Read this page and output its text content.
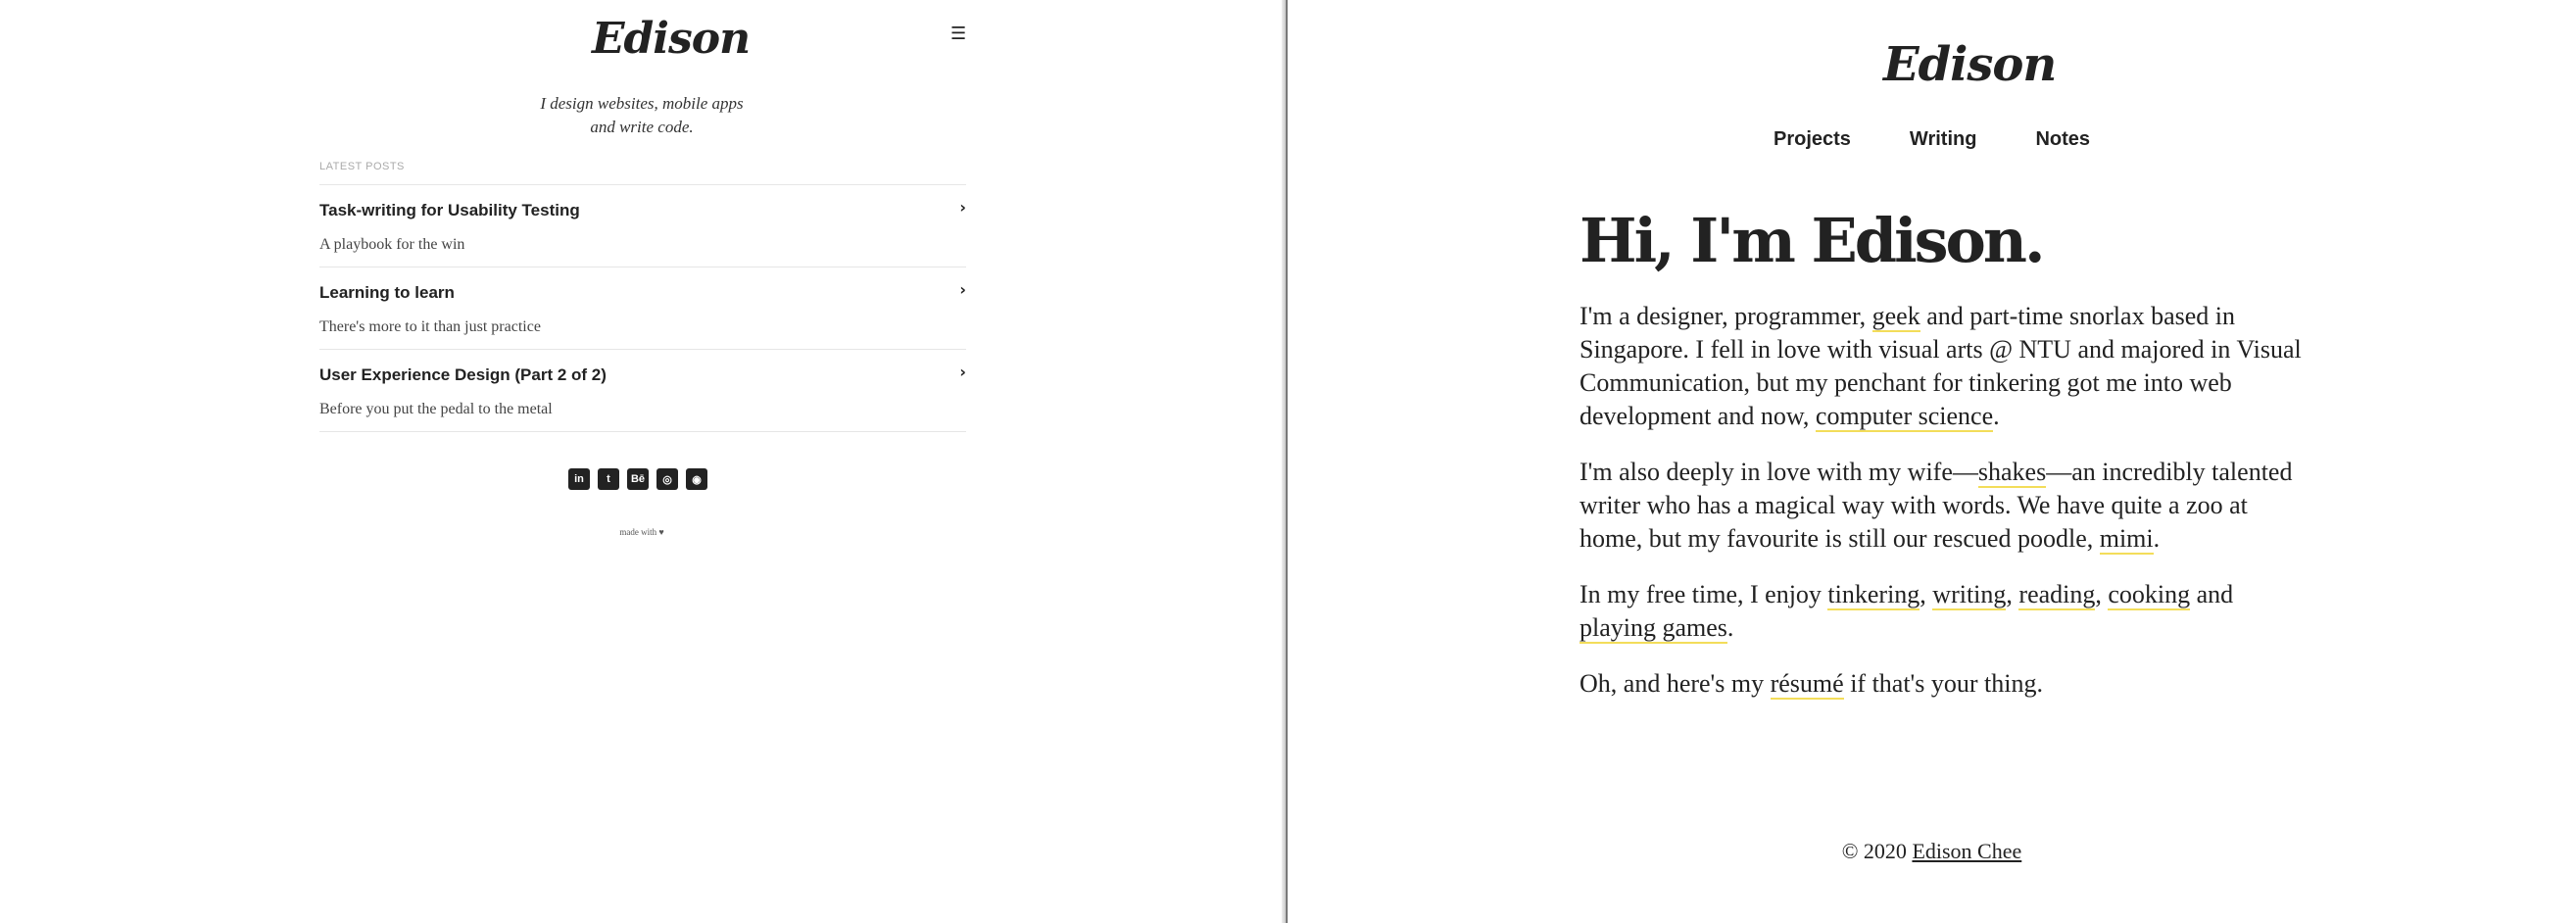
Edison	☰
I design websites, mobile apps
and write code.
LATEST POSTS
Task-writing for Usability Testing	›
A playbook for the win
Learning to learn	›
There's more to it than just practice
User Experience Design (Part 2 of 2)	›
Before you put the pedal to the metal
in	t	Bē	◎	◉
made with ♥
Edison
Projects	Writing	Notes
Hi, I'm Edison.

I'm a designer, programmer, geek and part-time snorlax based in Singapore. I fell in love with visual arts @ NTU and majored in Visual Communication, but my penchant for tinkering got me into web development and now, computer science.

I'm also deeply in love with my wife—shakes—an incredibly talented writer who has a magical way with words. We have quite a zoo at home, but my favourite is still our rescued poodle, mimi.

In my free time, I enjoy tinkering, writing, reading, cooking and playing games.

Oh, and here's my résumé if that's your thing.

© 2020 Edison Chee
